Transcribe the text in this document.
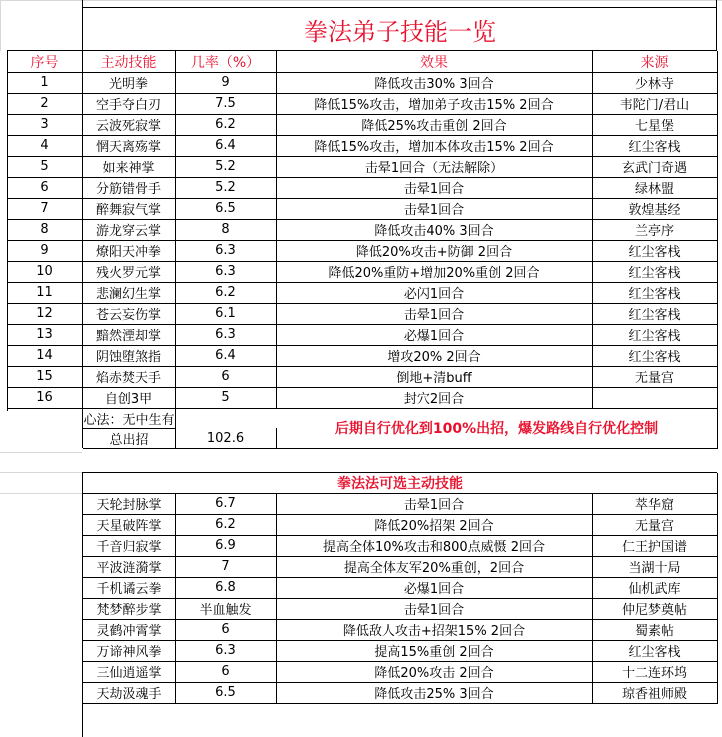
拳法弟子技能一览
序号	主动技能	几率（%）	效果	来源
1	光明拳	9	降低攻击30% 3回合	少林寺
2	空手夺白刃	7.5	降低15%攻击，增加弟子攻击15% 2回合	韦陀门/君山
3	云波死寂掌	6.2	降低25%攻击重创 2回合	七星堡
4	惘天离殇掌	6.4	降低15%攻击，增加本体攻击15% 2回合	红尘客栈
5	如来神掌	5.2	击晕1回合（无法解除）	玄武门奇遇
6	分筋错骨手	5.2	击晕1回合	绿林盟
7	醉舞寂气掌	6.5	击晕1回合	敦煌基经
8	游龙穿云掌	8	降低攻击40% 3回合	兰亭序
9	燎阳天冲拳	6.3	降低20%攻击+防御 2回合	红尘客栈
10	残火罗元掌	6.3	降低20%重防+增加20%重创 2回合	红尘客栈
11	悲澜幻生掌	6.2	必闪1回合	红尘客栈
12	苍云妄伤掌	6.1	击晕1回合	红尘客栈
13	黯然湮却掌	6.3	必爆1回合	红尘客栈
14	阴蚀堕煞指	6.4	增攻20% 2回合	红尘客栈
15	焰赤焚天手	6	倒地+清buff	无量宫
16	自创3甲	5	封穴2回合
心法：无中生有
总出招	102.6
后期自行优化到100%出招，爆发路线自行优化控制
拳法法可选主动技能
天轮封脉掌	6.7	击晕1回合	萃华窟
天星破阵掌	6.2	降低20%招架 2回合	无量宫
千音归寂掌	6.9	提高全体10%攻击和800点威慑 2回合	仁王护国谱
平波涟漪掌	7	提高全体友军20%重创，2回合	当湖十局
千机谲云拳	6.8	必爆1回合	仙机武库
梵梦醉步掌	半血触发	击晕1回合	仲尼梦奠帖
灵鹤冲霄掌	6	降低敌人攻击+招架15% 2回合	蜀素帖
万谛神风拳	6.3	提高15%重创 2回合	红尘客栈
三仙逍遥掌	6	降低20%攻击 2回合	十二连环坞
天劫汲魂手	6.5	降低攻击25% 3回合	琼香祖师殿
